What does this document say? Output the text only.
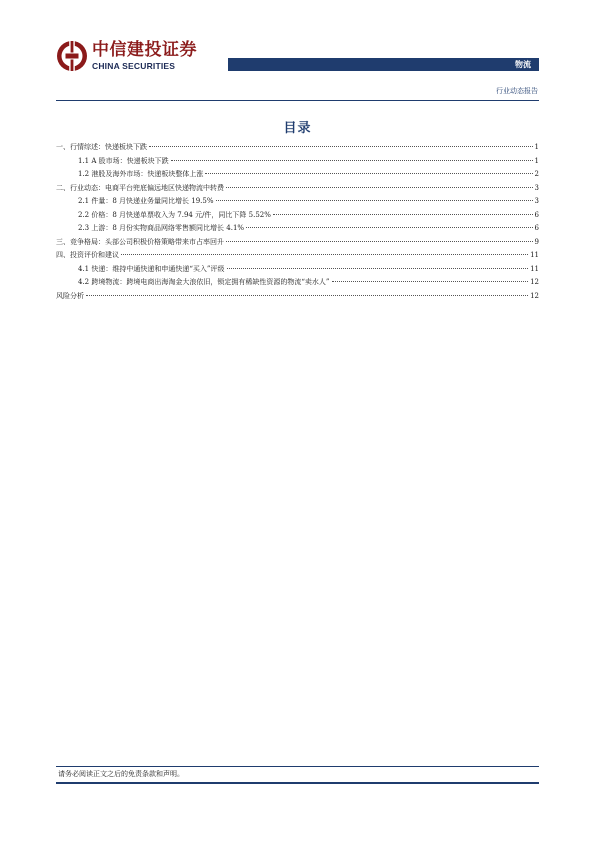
中信建投证券
CHINA SECURITIES	物流
行业动态报告
目录
一、行情综述：快递板块下跌	1
1.1 A 股市场：快递板块下跌	1
1.2 港股及海外市场：快递板块整体上涨	2
二、行业动态：电商平台兜底偏远地区快递物流中转费	3
2.1 件量：8 月快递业务量同比增长 19.5%	3
2.2 价格：8 月快递单票收入为 7.94 元/件，同比下降 5.52%	6
2.3 上游：8 月份实物商品网络零售额同比增长 4.1%	6
三、竞争格局：头部公司积极价格策略带来市占率回升	9
四、投资评价和建议	11
4.1 快递：维持中通快递和申通快递“买入”评级	11
4.2 跨境物流：跨境电商出海淘金大浪依旧，锁定拥有稀缺性资源的物流“卖水人”	12
风险分析	12
请务必阅读正文之后的免责条款和声明。
